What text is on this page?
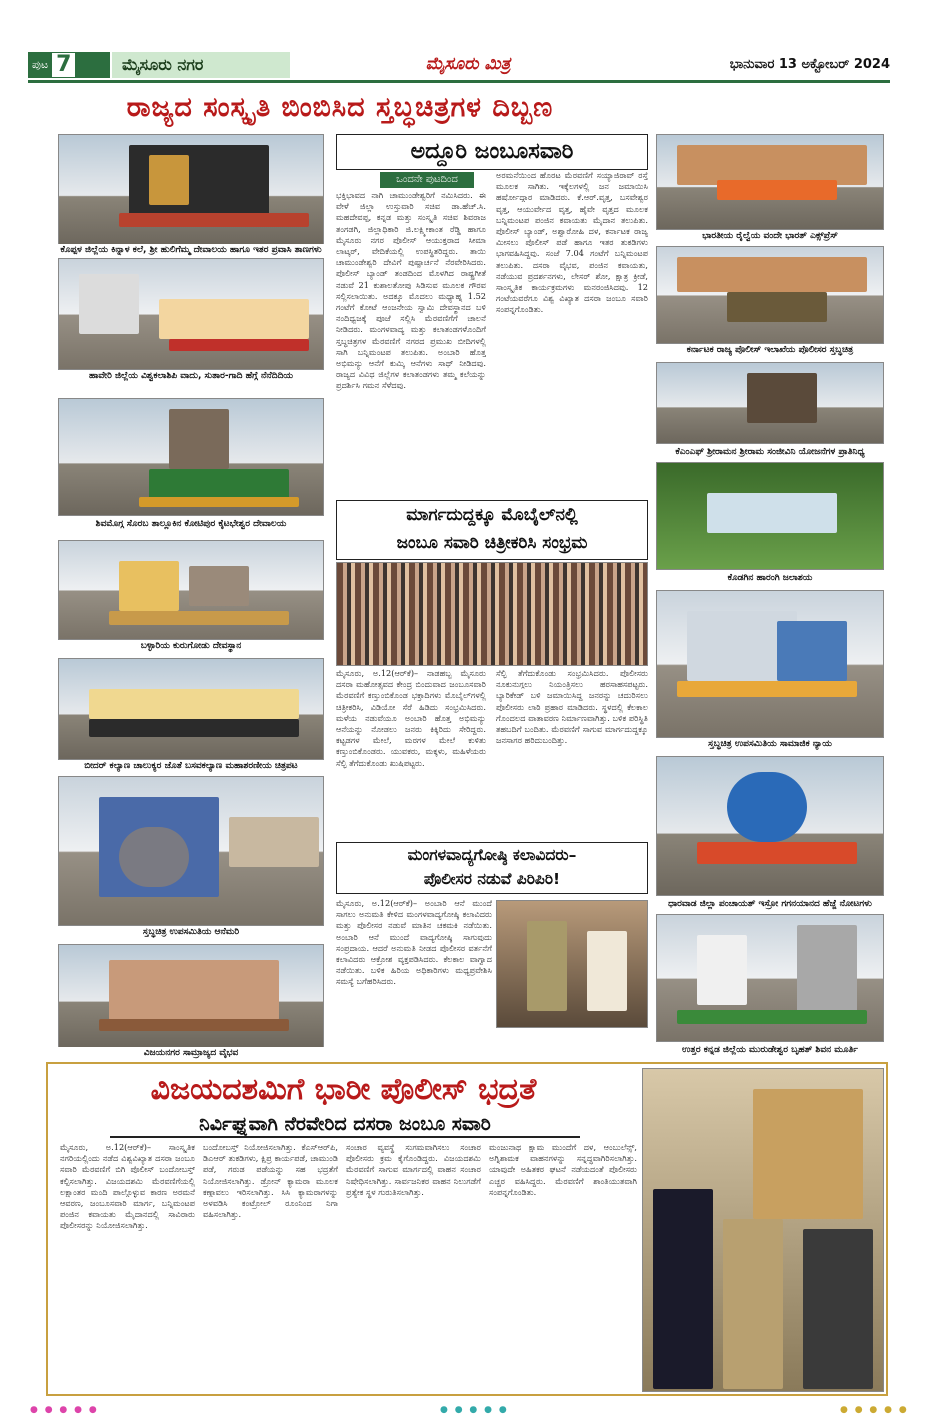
ಪುಟ 7	ಮೈಸೂರು ನಗರ	ಮೈಸೂರು ಮಿತ್ರ	ಭಾನುವಾರ 13 ಅಕ್ಟೋಬರ್ 2024
ರಾಜ್ಯದ ಸಂಸ್ಕೃತಿ ಬಿಂಬಿಸಿದ ಸ್ತಬ್ಧಚಿತ್ರಗಳ ದಿಬ್ಬಣ
ಕೊಪ್ಪಳ ಜಿಲ್ಲೆಯ ಕಿನ್ನಾಳ ಕಲೆ, ಶ್ರೀ ಹುಲಿಗೆಮ್ಮ ದೇವಾಲಯ ಹಾಗೂ ಇತರ ಪ್ರವಾಸಿ ತಾಣಗಳು
ಹಾವೇರಿ ಜಿಲ್ಲೆಯ ವಿಶ್ವಕಲಾಶಿಪಿ ವಾದು, ಸುತಾರ-ಗಾದಿ ಹೆಗ್ಗೆ ನೆನೆದಿದಿಯ
ಶಿವಮೊಗ್ಗ ಸೊರಬ ತಾಲ್ಲೂಕಿನ ಕೋಟಿಪುರ ಕೈಟಭೇಶ್ವರ ದೇವಾಲಯ
ಬಳ್ಳಾರಿಯ ಕುರುಗೋಡು ದೇವಸ್ಥಾನ
ಬೀದರ್ ಕಲ್ಯಾಣ ಚಾಲುಕ್ಯರ ಜೊತೆ ಬಸವಕಲ್ಯಾಣ ಮಹಾಶರಣೀಯ ಚಿತ್ರಪಟ
ಸ್ತಬ್ಧಚಿತ್ರ ಉಪಸಮಿತಿಯ ಆನೆಮರಿ
ವಿಜಯನಗರ ಸಾಮ್ರಾಜ್ಯದ ವೈಭವ
ಭಾರತೀಯ ರೈಲ್ವೆಯ ವಂದೇ ಭಾರತ್ ಎಕ್ಸ್‌ಪ್ರೆಸ್
ಕರ್ನಾಟಕ ರಾಜ್ಯ ಪೊಲೀಸ್ ಇಲಾಖೆಯ ಪೊಲೀಸರ ಸ್ತಬ್ಧಚಿತ್ರ
ಕೆಎಂಎಫ್ ಶ್ರೀರಾಮನ ಶ್ರೀರಾಮ ಸಂಜೀವಿನಿ ಯೋಜನೆಗಳ ಪ್ರಾತಿನಿಧ್ಯ
ಕೊಡಗಿನ ಹಾರಂಗಿ ಜಲಾಶಯ
ಸ್ತಬ್ಧಚಿತ್ರ ಉಪಸಮಿತಿಯ ಸಾಮಾಜಿಕ ನ್ಯಾಯ
ಧಾರವಾಡ ಜಿಲ್ಲಾ ಪಂಚಾಯತ್ ಇಸ್ರೋ ಗಗನಯಾನದ ಹೆಜ್ಜೆ ನೋಟಗಳು
ಉತ್ತರ ಕನ್ನಡ ಜಿಲ್ಲೆಯ ಮುರುಡೇಶ್ವರ ಬೃಹತ್ ಶಿವನ ಮೂರ್ತಿ
ಅದ್ದೂರಿ ಜಂಬೂಸವಾರಿ
ಒಂದನೇ ಪುಟದಿಂದ
ಭಕ್ತಿಭಾವದ ನಾಗಿ ಚಾಮುಂಡೇಶ್ವರಿಗೆ ನಮಿಸಿದರು. ಈ ವೇಳೆ ಜಿಲ್ಲಾ ಉಸ್ತುವಾರಿ ಸಚಿವ ಡಾ.ಹೆಚ್.ಸಿ. ಮಹದೇವಪ್ಪ, ಕನ್ನಡ ಮತ್ತು ಸಂಸ್ಕೃತಿ ಸಚಿವ ಶಿವರಾಜ ತಂಗಡಗಿ, ಜಿಲ್ಲಾಧಿಕಾರಿ ಜಿ.ಲಕ್ಷ್ಮೀಕಾಂತ ರೆಡ್ಡಿ ಹಾಗೂ ಮೈಸೂರು ನಗರ ಪೊಲೀಸ್ ಆಯುಕ್ತರಾದ ಸೀಮಾ ಲಾಟ್ಕರ್, ವೇದಿಕೆಯಲ್ಲಿ ಉಪಸ್ಥಿತರಿದ್ದರು. ತಾಯಿ ಚಾಮುಂಡೇಶ್ವರಿ ದೇವಿಗೆ ಪುಷ್ಪಾರ್ಚನೆ ನೆರವೇರಿಸಿದರು. ಪೊಲೀಸ್ ಬ್ಯಾಂಡ್ ತಂಡದಿಂದ ಮೊಳಗಿದ ರಾಷ್ಟ್ರಗೀತೆ ನಡುವೆ 21 ಕುಶಾಲತೋಪು ಸಿಡಿಸುವ ಮೂಲಕ ಗೌರವ ಸಲ್ಲಿಸಲಾಯಿತು. ಅದಕ್ಕೂ ಮೊದಲು ಮಧ್ಯಾಹ್ನ 1.52 ಗಂಟೆಗೆ ಕೋಟೆ ಆಂಜನೇಯ ಸ್ವಾಮಿ ದೇವಸ್ಥಾನದ ಬಳಿ ನಂದಿಧ್ವಜಕ್ಕೆ ಪೂಜೆ ಸಲ್ಲಿಸಿ ಮೆರವಣಿಗೆಗೆ ಚಾಲನೆ ನೀಡಿದರು. ಮಂಗಳವಾದ್ಯ ಮತ್ತು ಕಲಾತಂಡಗಳೊಂದಿಗೆ ಸ್ತಬ್ಧಚಿತ್ರಗಳ ಮೆರವಣಿಗೆ ನಗರದ ಪ್ರಮುಖ ಬೀದಿಗಳಲ್ಲಿ ಸಾಗಿ ಬನ್ನಿಮಂಟಪ ತಲುಪಿತು. ಅಂಬಾರಿ ಹೊತ್ತ ಅಭಿಮನ್ಯು ಆನೆಗೆ ಕುಮ್ಕಿ ಆನೆಗಳು ಸಾಥ್ ನೀಡಿದವು. ರಾಜ್ಯದ ವಿವಿಧ ಜಿಲ್ಲೆಗಳ ಕಲಾತಂಡಗಳು ತಮ್ಮ ಕಲೆಯನ್ನು ಪ್ರದರ್ಶಿಸಿ ಗಮನ ಸೆಳೆದವು.
ಅರಮನೆಯಿಂದ ಹೊರಟ ಮೆರವಣಿಗೆ ಸಯ್ಯಾಜಿರಾವ್ ರಸ್ತೆ ಮೂಲಕ ಸಾಗಿತು. ಇಕ್ಕೆಲಗಳಲ್ಲಿ ಜನ ಜಮಾಯಿಸಿ ಹರ್ಷೋದ್ಗಾರ ಮಾಡಿದರು. ಕೆ.ಆರ್.ವೃತ್ತ, ಬಸವೇಶ್ವರ ವೃತ್ತ, ಆಯುರ್ವೇದ ವೃತ್ತ, ಹೈವೇ ವೃತ್ತದ ಮೂಲಕ ಬನ್ನಿಮಂಟಪ ಪಂಜಿನ ಕವಾಯತು ಮೈದಾನ ತಲುಪಿತು. ಪೊಲೀಸ್ ಬ್ಯಾಂಡ್, ಅಶ್ವಾರೋಹಿ ದಳ, ಕರ್ನಾಟಕ ರಾಜ್ಯ ಮೀಸಲು ಪೊಲೀಸ್ ಪಡೆ ಹಾಗೂ ಇತರ ತುಕಡಿಗಳು ಭಾಗವಹಿಸಿದ್ದವು. ಸಂಜೆ 7.04 ಗಂಟೆಗೆ ಬನ್ನಿಮಂಟಪ ತಲುಪಿತು. ದಸರಾ ವೈಭವ, ಪಂಜಿನ ಕವಾಯತು, ನಡೆಯುವ ಪ್ರದರ್ಶನಗಳು, ಲೇಸರ್ ಶೋ, ಕ್ಷಾತ್ರ ಕ್ರೀಡೆ, ಸಾಂಸ್ಕೃತಿಕ ಕಾರ್ಯಕ್ರಮಗಳು ಮನರಂಜಿಸಿದವು. 12 ಗಂಟೆಯವರೆಗೂ ವಿಶ್ವ ವಿಖ್ಯಾತ ದಸರಾ ಜಂಬೂ ಸವಾರಿ ಸಂಪನ್ನಗೊಂಡಿತು.
ಮಾರ್ಗದುದ್ದಕ್ಕೂ ಮೊಬೈಲ್‌ನಲ್ಲಿ
ಜಂಬೂ ಸವಾರಿ ಚಿತ್ರೀಕರಿಸಿ ಸಂಭ್ರಮ
ಮೈಸೂರು, ಅ.12(ಆರ್‌ಕೆ)– ನಾಡಹಬ್ಬ ಮೈಸೂರು ದಸರಾ ಮಹೋತ್ಸವದ ಕೇಂದ್ರ ಬಿಂದುವಾದ ಜಂಬೂಸವಾರಿ ಮೆರವಣಿಗೆ ಕಣ್ತುಂಬಿಕೊಂಡ ಭಕ್ತಾದಿಗಳು ಮೊಬೈಲ್‌ಗಳಲ್ಲಿ ಚಿತ್ರೀಕರಿಸಿ, ವಿಡಿಯೋ ಸೆರೆ ಹಿಡಿದು ಸಂಭ್ರಮಿಸಿದರು. ಮಳೆಯ ನಡುವೆಯೂ ಅಂಬಾರಿ ಹೊತ್ತ ಅಭಿಮನ್ಯು ಆನೆಯನ್ನು ನೋಡಲು ಜನರು ಕಿಕ್ಕಿರಿದು ಸೇರಿದ್ದರು. ಕಟ್ಟಡಗಳ ಮೇಲೆ, ಮರಗಳ ಮೇಲೆ ಕುಳಿತು ಕಣ್ತುಂಬಿಕೊಂಡರು. ಯುವಕರು, ಮಕ್ಕಳು, ಮಹಿಳೆಯರು ಸೆಲ್ಫಿ ತೆಗೆದುಕೊಂಡು ಖುಷಿಪಟ್ಟರು.
ಸೆಲ್ಫಿ ತೆಗೆದುಕೊಂಡು ಸಂಭ್ರಮಿಸಿದರು. ಪೊಲೀಸರು ನೂಕುನುಗ್ಗಲು ನಿಯಂತ್ರಿಸಲು ಹರಸಾಹಸಪಟ್ಟರು. ಬ್ಯಾರಿಕೇಡ್ ಬಳಿ ಜಮಾಯಿಸಿದ್ದ ಜನರನ್ನು ಚದುರಿಸಲು ಪೊಲೀಸರು ಲಾಠಿ ಪ್ರಹಾರ ಮಾಡಿದರು. ಸ್ಥಳದಲ್ಲಿ ಕೆಲಕಾಲ ಗೊಂದಲದ ವಾತಾವರಣ ನಿರ್ಮಾಣವಾಗಿತ್ತು. ಬಳಿಕ ಪರಿಸ್ಥಿತಿ ತಹಬದಿಗೆ ಬಂದಿತು. ಮೆರವಣಿಗೆ ಸಾಗುವ ಮಾರ್ಗದುದ್ದಕ್ಕೂ ಜನಸಾಗರ ಹರಿದುಬಂದಿತ್ತು.
ಮಂಗಳವಾದ್ಯಗೋಷ್ಠಿ ಕಲಾವಿದರು–
ಪೊಲೀಸರ ನಡುವೆ ಪಿರಿಪಿರಿ!
ಮೈಸೂರು, ಅ.12(ಆರ್‌ಕೆ)– ಅಂಬಾರಿ ಆನೆ ಮುಂದೆ ಸಾಗಲು ಅನುಮತಿ ಕೇಳಿದ ಮಂಗಳವಾದ್ಯಗೋಷ್ಠಿ ಕಲಾವಿದರು ಮತ್ತು ಪೊಲೀಸರ ನಡುವೆ ಮಾತಿನ ಚಕಮಕಿ ನಡೆಯಿತು. ಅಂಬಾರಿ ಆನೆ ಮುಂದೆ ವಾದ್ಯಗೋಷ್ಠಿ ಸಾಗುವುದು ಸಂಪ್ರದಾಯ. ಆದರೆ ಅನುಮತಿ ನೀಡದ ಪೊಲೀಸರ ವರ್ತನೆಗೆ ಕಲಾವಿದರು ಆಕ್ರೋಶ ವ್ಯಕ್ತಪಡಿಸಿದರು. ಕೆಲಕಾಲ ವಾಗ್ವಾದ ನಡೆಯಿತು. ಬಳಿಕ ಹಿರಿಯ ಅಧಿಕಾರಿಗಳು ಮಧ್ಯಪ್ರವೇಶಿಸಿ ಸಮಸ್ಯೆ ಬಗೆಹರಿಸಿದರು.
ವಿಜಯದಶಮಿಗೆ ಭಾರೀ ಪೊಲೀಸ್ ಭದ್ರತೆ
ನಿರ್ವಿಘ್ನವಾಗಿ ನೆರವೇರಿದ ದಸರಾ ಜಂಬೂ ಸವಾರಿ
ಮೈಸೂರು, ಅ.12(ಆರ್‌ಕೆ)– ಸಾಂಸ್ಕೃತಿಕ ನಗರಿಯಲ್ಲಿಂದು ನಡೆದ ವಿಶ್ವವಿಖ್ಯಾತ ದಸರಾ ಜಂಬೂ ಸವಾರಿ ಮೆರವಣಿಗೆ ಬಿಗಿ ಪೊಲೀಸ್ ಬಂದೋಬಸ್ತ್ ಕಲ್ಪಿಸಲಾಗಿತ್ತು. ವಿಜಯದಶಮಿ ಮೆರವಣಿಗೆಯಲ್ಲಿ ಲಕ್ಷಾಂತರ ಮಂದಿ ಪಾಲ್ಗೊಳ್ಳುವ ಕಾರಣ ಅರಮನೆ ಆವರಣ, ಜಂಬೂಸವಾರಿ ಮಾರ್ಗ, ಬನ್ನಿಮಂಟಪ ಪಂಜಿನ ಕವಾಯತು ಮೈದಾನದಲ್ಲಿ ಸಾವಿರಾರು ಪೊಲೀಸರನ್ನು ನಿಯೋಜಿಸಲಾಗಿತ್ತು.
ಬಂದೋಬಸ್ತ್ ನಿಯೋಜಿಸಲಾಗಿತ್ತು. ಕೆಎಸ್‌ಆರ್‌ಪಿ, ಡಿಎಆರ್ ತುಕಡಿಗಳು, ಕ್ಷಿಪ್ರ ಕಾರ್ಯಪಡೆ, ಚಾಮುಂಡಿ ಪಡೆ, ಗರುಡ ಪಡೆಯನ್ನು ಸಹ ಭದ್ರತೆಗೆ ನಿಯೋಜಿಸಲಾಗಿತ್ತು. ಡ್ರೋನ್ ಕ್ಯಾಮರಾ ಮೂಲಕ ಕಣ್ಗಾವಲು ಇರಿಸಲಾಗಿತ್ತು. ಸಿಸಿ ಕ್ಯಾಮರಾಗಳನ್ನು ಅಳವಡಿಸಿ ಕಂಟ್ರೋಲ್ ರೂಂನಿಂದ ನಿಗಾ ವಹಿಸಲಾಗಿತ್ತು.
ಸಂಚಾರ ವ್ಯವಸ್ಥೆ ಸುಗಮವಾಗಿಸಲು ಸಂಚಾರ ಪೊಲೀಸರು ಕ್ರಮ ಕೈಗೊಂಡಿದ್ದರು. ವಿಜಯದಶಮಿ ಮೆರವಣಿಗೆ ಸಾಗುವ ಮಾರ್ಗದಲ್ಲಿ ವಾಹನ ಸಂಚಾರ ನಿಷೇಧಿಸಲಾಗಿತ್ತು. ಸಾರ್ವಜನಿಕರ ವಾಹನ ನಿಲುಗಡೆಗೆ ಪ್ರತ್ಯೇಕ ಸ್ಥಳ ಗುರುತಿಸಲಾಗಿತ್ತು.
ಮಂಜುನಾಥ ಕ್ಷಾಮ ಮುಂದೆಗೆ ದಳ, ಆಂಬುಲೆನ್ಸ್, ಅಗ್ನಿಶಾಮಕ ವಾಹನಗಳನ್ನು ಸನ್ನದ್ಧವಾಗಿರಿಸಲಾಗಿತ್ತು. ಯಾವುದೇ ಅಹಿತಕರ ಘಟನೆ ನಡೆಯದಂತೆ ಪೊಲೀಸರು ಎಚ್ಚರ ವಹಿಸಿದ್ದರು. ಮೆರವಣಿಗೆ ಶಾಂತಿಯುತವಾಗಿ ಸಂಪನ್ನಗೊಂಡಿತು.
● ● ● ● ●	● ● ● ● ●	● ● ● ● ●
